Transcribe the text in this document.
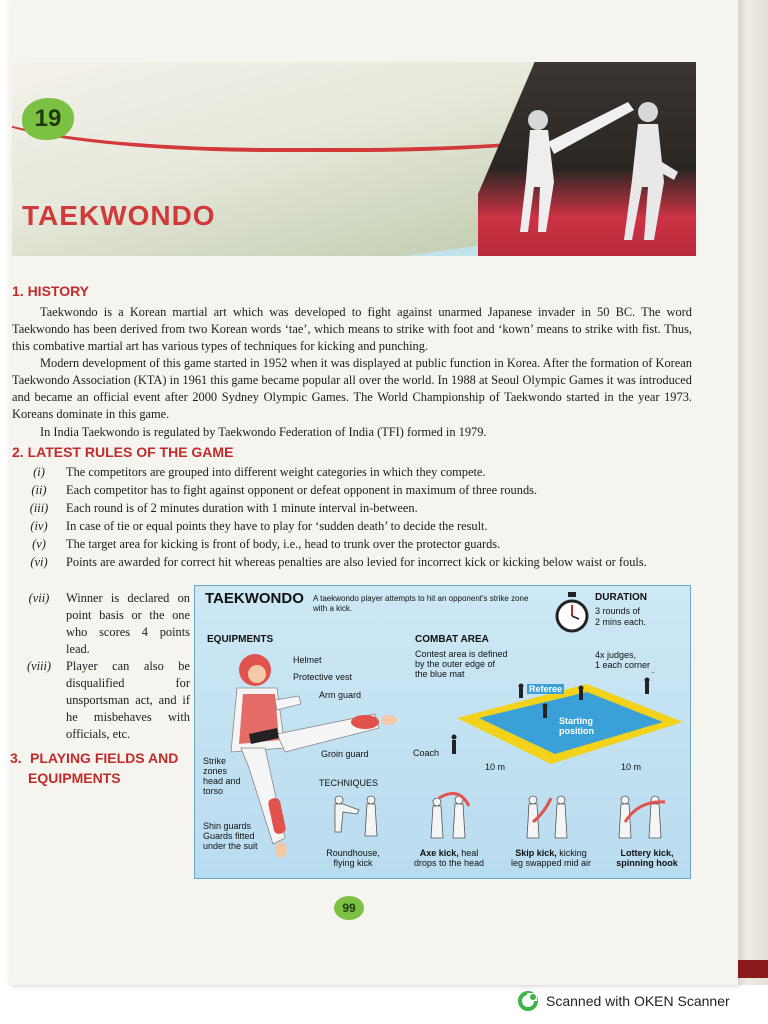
19
TAEKWONDO
1. HISTORY
Taekwondo is a Korean martial art which was developed to fight against unarmed Japanese invader in 50 BC. The word Taekwondo has been derived from two Korean words ‘tae’, which means to strike with foot and ‘kown’ means to strike with fist. Thus, this combative martial art has various types of techniques for kicking and punching.
Modern development of this game started in 1952 when it was displayed at public function in Korea. After the formation of Korean Taekwondo Association (KTA) in 1961 this game became popular all over the world. In 1988 at Seoul Olympic Games it was introduced and became an official event after 2000 Sydney Olympic Games. The World Championship of Taekwondo started in the year 1973. Koreans dominate in this game.
In India Taekwondo is regulated by Taekwondo Federation of India (TFI) formed in 1979.
2. LATEST RULES OF THE GAME
(i) The competitors are grouped into different weight categories in which they compete.
(ii) Each competitor has to fight against opponent or defeat opponent in maximum of three rounds.
(iii) Each round is of 2 minutes duration with 1 minute interval in-between.
(iv) In case of tie or equal points they have to play for ‘sudden death’ to decide the result.
(v) The target area for kicking is front of body, i.e., head to trunk over the protector guards.
(vi) Points are awarded for correct hit whereas penalties are also levied for incorrect kick or kicking below waist or fouls.
(vii)	Winner is declared on point basis or the one who scores 4 points lead.
(viii)	Player can also be disqualified for unsportsman act, and if he misbehaves with officials, etc.
3. PLAYING FIELDS AND
EQUIPMENTS
TAEKWONDO A taekwondo player attempts to hit an opponent's strike zone with a kick.
DURATION
3 rounds of
2 mins each.
EQUIPMENTS	COMBAT AREA
Helmet
Protective vest
Arm guard
Groin guard
Strike
zones
head and
torso
Shin guards
Guards fitted
under the suit
Contest area is defined
by the outer edge of
the blue mat
4x judges,
1 each corner
Referee
Starting
position
Coach
10 m	10 m
TECHNIQUES
Roundhouse,
flying kick
Axe kick, heal
drops to the head
Skip kick, kicking
leg swapped mid air
Lottery kick,
spinning hook
99
Scanned with OKEN Scanner
